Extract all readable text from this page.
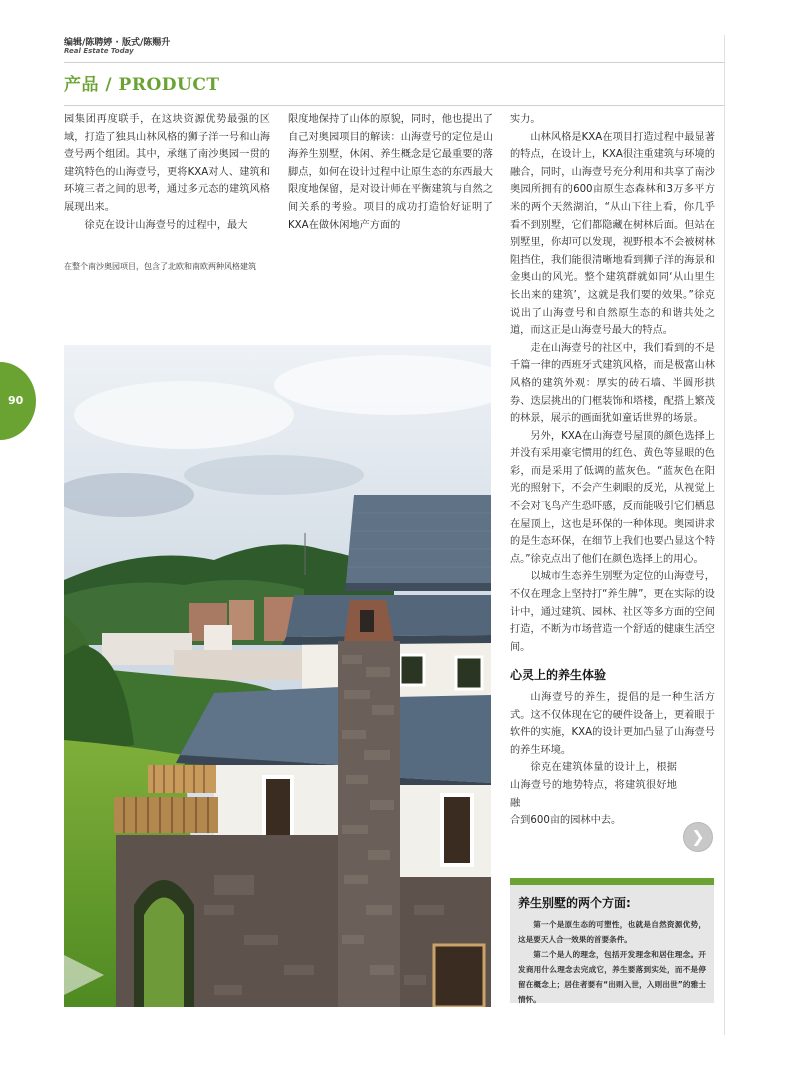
编辑/陈聘婷 · 版式/陈赐升
Real Estate Today
产品 / PRODUCT
90

园集团再度联手，在这块资源优势最强的区域，打造了独具山林风格的狮子洋一号和山海壹号两个组团。其中，承继了南沙奥园一贯的建筑特色的山海壹号，更将KXA对人、建筑和环境三者之间的思考，通过多元态的建筑风格展现出来。

徐克在设计山海壹号的过程中，最大

限度地保持了山体的原貌，同时，他也提出了自己对奥园项目的解读：山海壹号的定位是山海养生别墅，休闲、养生概念是它最重要的落脚点，如何在设计过程中让原生态的东西最大限度地保留，是对设计师在平衡建筑与自然之间关系的考验。项目的成功打造恰好证明了KXA在做休闲地产方面的

在整个南沙奥园项目，包含了北欧和南欧两种风格建筑

实力。

山林风格是KXA在项目打造过程中最显著的特点，在设计上，KXA很注重建筑与环境的融合，同时，山海壹号充分利用和共享了南沙奥园所拥有的600亩原生态森林和3万多平方米的两个天然湖泊，“从山下往上看，你几乎看不到别墅，它们都隐藏在树林后面。但站在别墅里，你却可以发现，视野根本不会被树林阻挡住，我们能很清晰地看到狮子洋的海景和金奥山的风光。整个建筑群就如同‘从山里生长出来的建筑’，这就是我们要的效果。”徐克说出了山海壹号和自然原生态的和谐共处之道，而这正是山海壹号最大的特点。

走在山海壹号的社区中，我们看到的不是千篇一律的西班牙式建筑风格，而是极富山林风格的建筑外观：厚实的砖石墙、半圆形拱券、迭层挑出的门框装饰和塔楼，配搭上繁茂的林景，展示的画面犹如童话世界的场景。

另外，KXA在山海壹号屋顶的颜色选择上并没有采用豪宅惯用的红色、黄色等显眼的色彩，而是采用了低调的蓝灰色。“蓝灰色在阳光的照射下，不会产生刺眼的反光，从视觉上不会对飞鸟产生恐吓感，反而能吸引它们栖息在屋顶上，这也是环保的一种体现。奥园讲求的是生态环保，在细节上我们也要凸显这个特点。”徐克点出了他们在颜色选择上的用心。

以城市生态养生别墅为定位的山海壹号，不仅在理念上坚持打“养生牌”，更在实际的设计中，通过建筑、园林、社区等多方面的空间打造，不断为市场营造一个舒适的健康生活空间。

心灵上的养生体验

山海壹号的养生，提倡的是一种生活方式。这不仅体现在它的硬件设备上，更着眼于软件的实施，KXA的设计更加凸显了山海壹号的养生环境。

徐克在建筑体量的设计上，根据山海壹号的地势特点，将建筑很好地融

合到600亩的园林中去。

❯
养生别墅的两个方面:

第一个是原生态的可塑性，也就是自然资源优势，这是要天人合一效果的首要条件。

第二个是人的理念，包括开发理念和居住理念。开发商用什么理念去完成它，养生要落到实处，而不是停留在概念上；居住者要有“出则入世，入则出世”的雅士情怀。
